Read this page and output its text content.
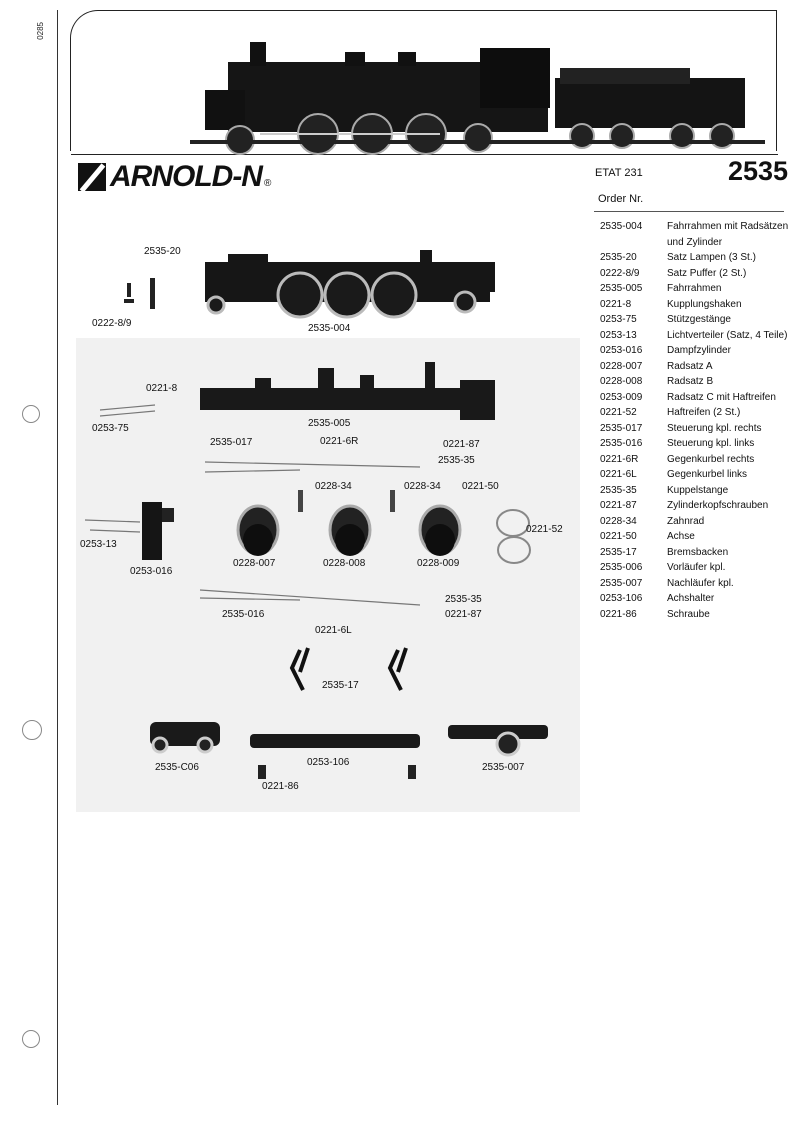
0285
ARNOLD-N ®
ETAT 231	2535
Order Nr.
2535-004	Fahrrahmen mit Radsätzen und Zylinder
2535-20	Satz Lampen (3 St.)
0222-8/9	Satz Puffer (2 St.)
2535-005	Fahrrahmen
0221-8	Kupplungshaken
0253-75	Stützgestänge
0253-13	Lichtverteiler (Satz, 4 Teile)
0253-016	Dampfzylinder
0228-007	Radsatz A
0228-008	Radsatz B
0253-009	Radsatz C mit Haftreifen
0221-52	Haftreifen (2 St.)
2535-017	Steuerung kpl. rechts
2535-016	Steuerung kpl. links
0221-6R	Gegenkurbel rechts
0221-6L	Gegenkurbel links
2535-35	Kuppelstange
0221-87	Zylinderkopfschrauben
0228-34	Zahnrad
0221-50	Achse
2535-17	Bremsbacken
2535-006	Vorläufer kpl.
2535-007	Nachläufer kpl.
0253-106	Achshalter
0221-86	Schraube
2535-20
0222-8/9	2535-004
0221-8
0253-75	2535-005
2535-017	0221-6R	0221-87
2535-35
0228-34	0228-34 0221-50
0253-13
0253-016
0228-007	0228-008	0228-009
0221-52
2535-016
2535-35
0221-87
0221-6L
2535-17
2535-C06	0253-106	2535-007
0221-86
